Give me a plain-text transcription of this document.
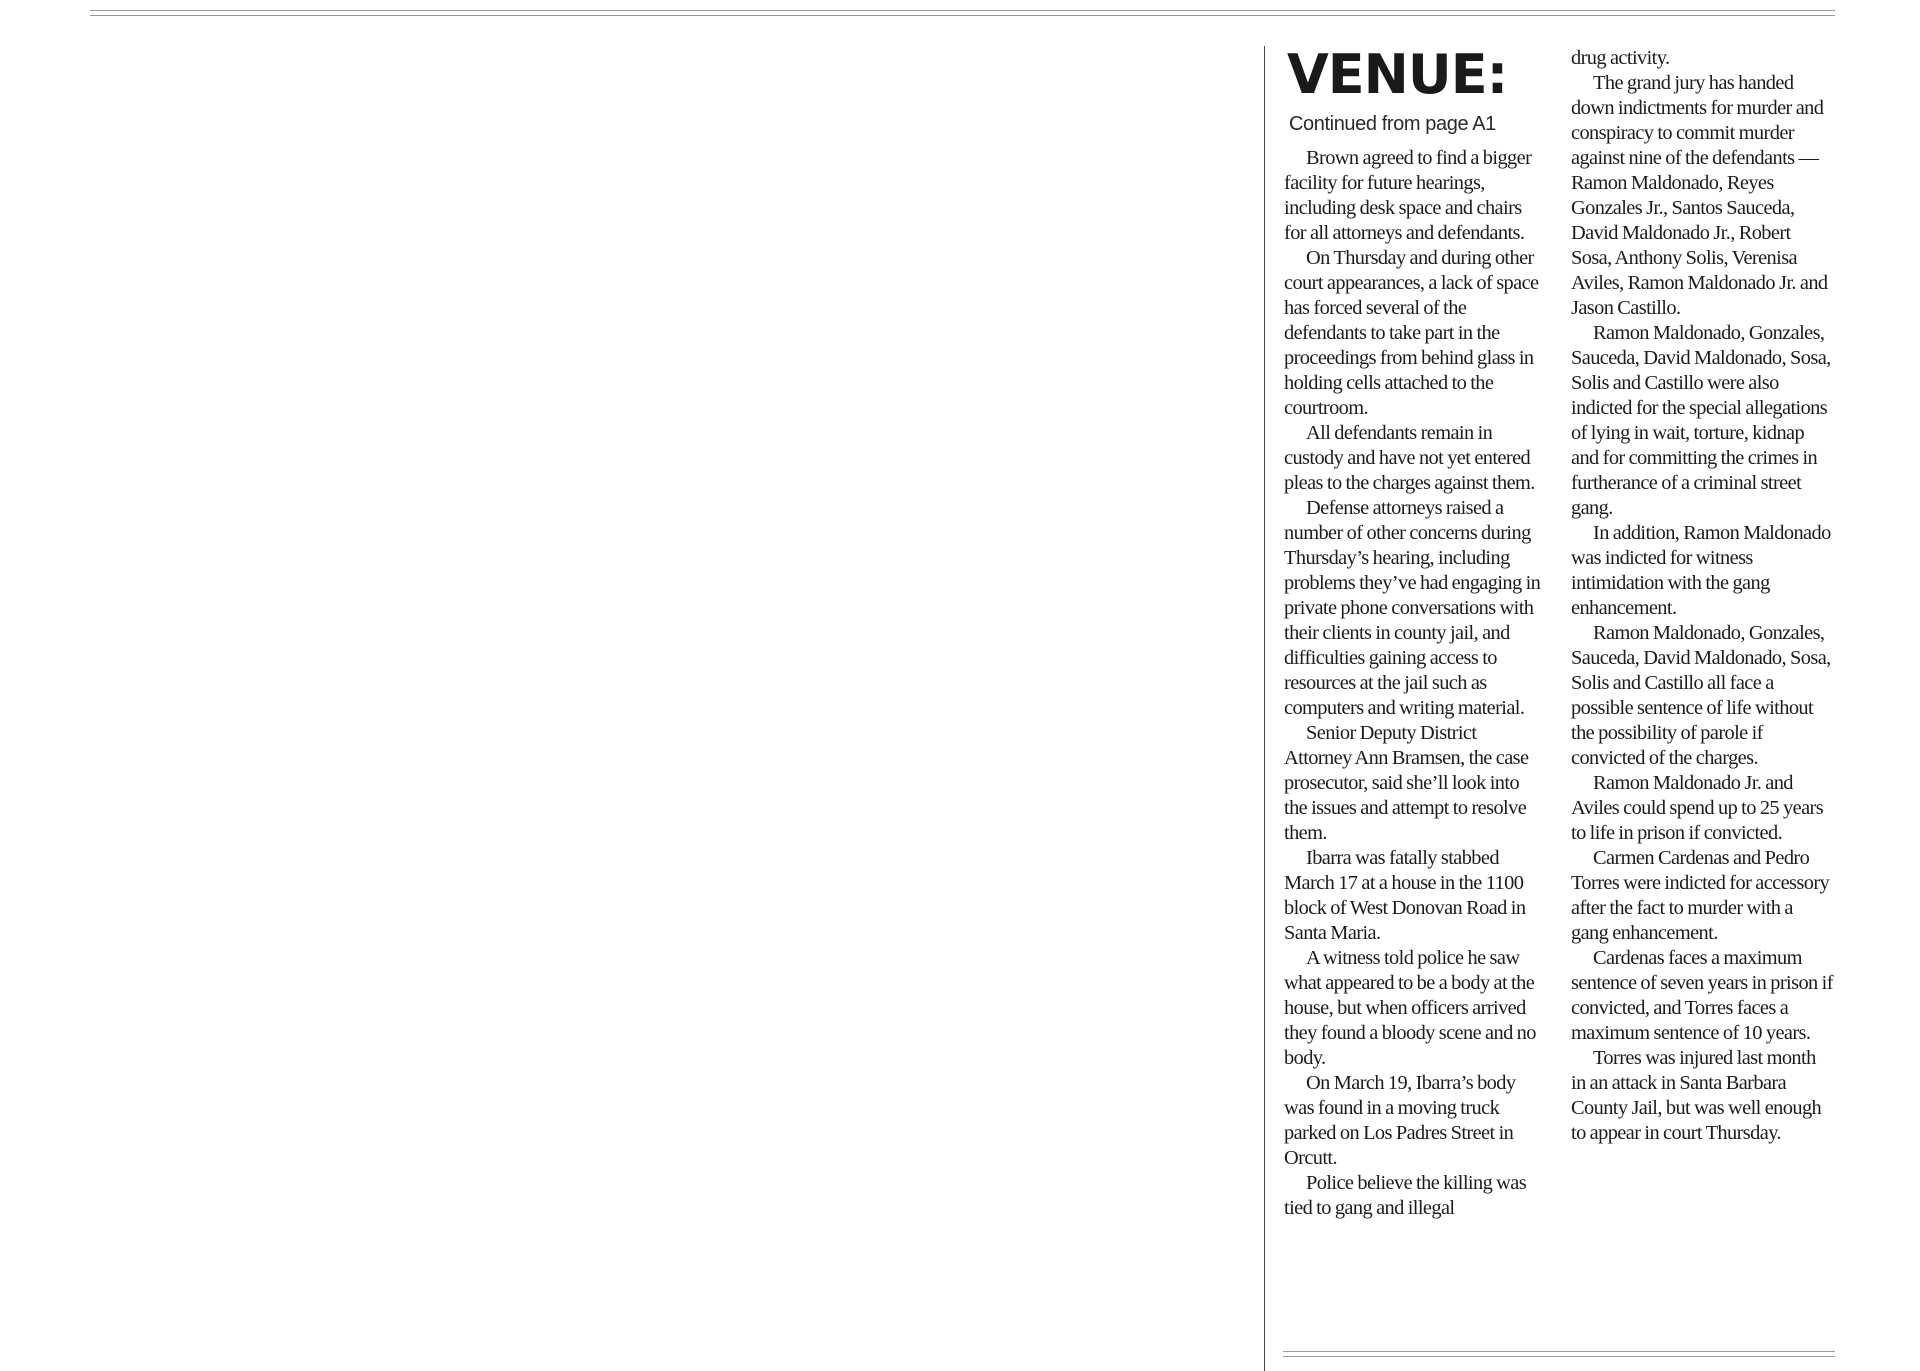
VENUE:
Continued from page A1

Brown agreed to find a bigger facility for future hearings, including desk space and chairs for all attorneys and defendants.

On Thursday and during other court appearances, a lack of space has forced several of the defendants to take part in the proceedings from behind glass in holding cells attached to the courtroom.

All defendants remain in custody and have not yet entered pleas to the charges against them.

Defense attorneys raised a number of other concerns during Thursday’s hearing, including problems they’ve had engaging in private phone conversations with their clients in county jail, and difficulties gaining access to resources at the jail such as computers and writing material.

Senior Deputy District Attorney Ann Bramsen, the case prosecutor, said she’ll look into the issues and attempt to resolve them.

Ibarra was fatally stabbed March 17 at a house in the 1100 block of West Donovan Road in Santa Maria.

A witness told police he saw what appeared to be a body at the house, but when officers arrived they found a bloody scene and no body.

On March 19, Ibarra’s body was found in a moving truck parked on Los Padres Street in Orcutt.

Police believe the killing was tied to gang and illegal

drug activity.

The grand jury has handed down indictments for murder and conspiracy to commit murder against nine of the defendants — Ramon Maldonado, Reyes Gonzales Jr., Santos Sauceda, David Maldonado Jr., Robert Sosa, Anthony Solis, Verenisa Aviles, Ramon Maldonado Jr. and Jason Castillo.

Ramon Maldonado, Gonzales, Sauceda, David Maldonado, Sosa, Solis and Castillo were also indicted for the special allegations of lying in wait, torture, kidnap and for committing the crimes in furtherance of a criminal street gang.

In addition, Ramon Maldonado was indicted for witness intimidation with the gang enhancement.

Ramon Maldonado, Gonzales, Sauceda, David Maldonado, Sosa, Solis and Castillo all face a possible sentence of life without the possibility of parole if convicted of the charges.

Ramon Maldonado Jr. and Aviles could spend up to 25 years to life in prison if convicted.

Carmen Cardenas and Pedro Torres were indicted for accessory after the fact to murder with a gang enhancement.

Cardenas faces a maximum sentence of seven years in prison if convicted, and Torres faces a maximum sentence of 10 years.

Torres was injured last month in an attack in Santa Barbara County Jail, but was well enough to appear in court Thursday.
